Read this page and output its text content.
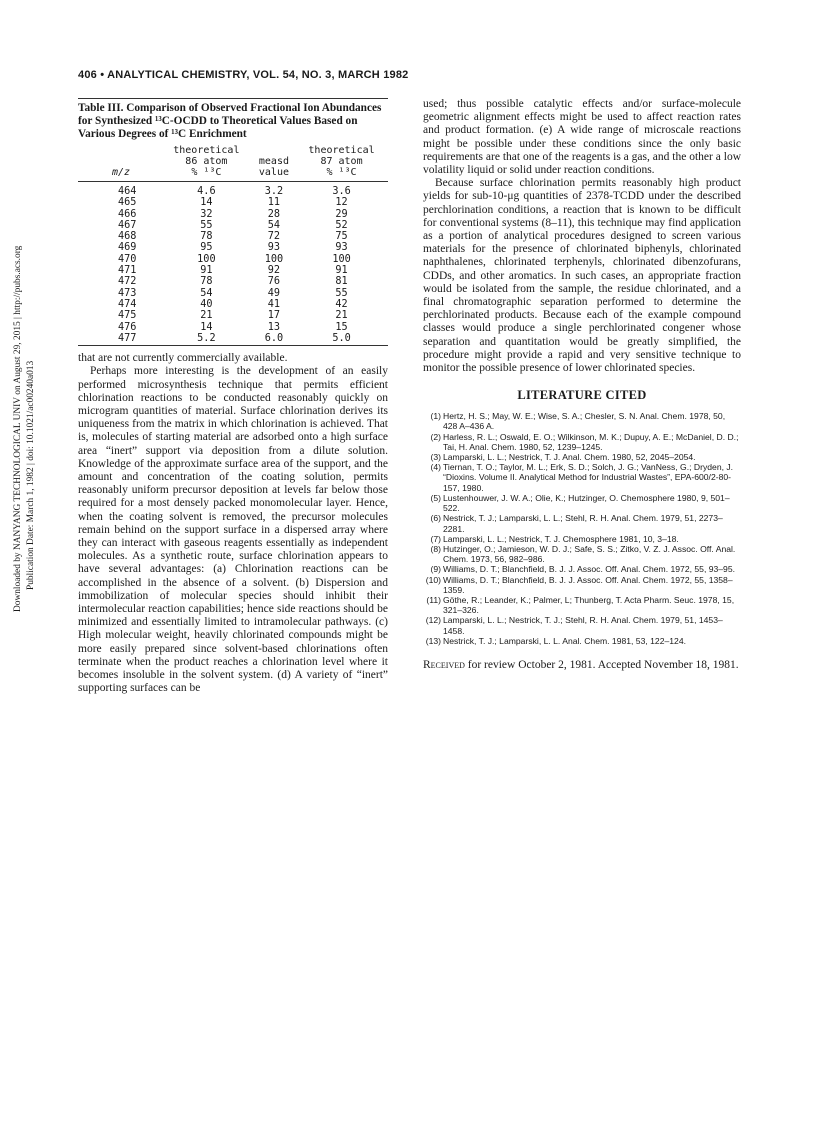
406 • ANALYTICAL CHEMISTRY, VOL. 54, NO. 3, MARCH 1982
Downloaded by NANYANG TECHNOLOGICAL UNIV on August 29, 2015 | http://pubs.acs.org Publication Date: March 1, 1982 | doi: 10.1021/ac00240a013
Table III. Comparison of Observed Fractional Ion Abundances for Synthesized ¹³C-OCDD to Theoretical Values Based on Various Degrees of ¹³C Enrichment
	theoretical		theoretical
	86 atom	measd	87 atom
m/z	% ¹³C	value	% ¹³C
464	4.6	3.2	3.6
465	14	11	12
466	32	28	29
467	55	54	52
468	78	72	75
469	95	93	93
470	100	100	100
471	91	92	91
472	78	76	81
473	54	49	55
474	40	41	42
475	21	17	21
476	14	13	15
477	5.2	6.0	5.0

that are not currently commercially available.

Perhaps more interesting is the development of an easily performed microsynthesis technique that permits efficient chlorination reactions to be conducted reasonably quickly on microgram quantities of material. Surface chlorination derives its uniqueness from the matrix in which chlorination is achieved. That is, molecules of starting material are adsorbed onto a high surface area “inert” support via deposition from a dilute solution. Knowledge of the approximate surface area of the support, and the amount and concentration of the coating solution, permits reasonably uniform precursor deposition at levels far below those required for a most densely packed monomolecular layer. Hence, when the coating solvent is removed, the precursor molecules remain behind on the support surface in a dispersed array where they can interact with gaseous reagents essentially as independent molecules. As a synthetic route, surface chlorination appears to have several advantages: (a) Chlorination reactions can be accomplished in the absence of a solvent. (b) Dispersion and immobilization of molecular species should inhibit their intermolecular reaction capabilities; hence side reactions should be minimized and essentially limited to intramolecular pathways. (c) High molecular weight, heavily chlorinated compounds might be more easily prepared since solvent-based chlorinations often terminate when the product reaches a chlorination level where it becomes insoluble in the solvent system. (d) A variety of “inert” supporting surfaces can be

used; thus possible catalytic effects and/or surface-molecule geometric alignment effects might be used to affect reaction rates and product formation. (e) A wide range of microscale reactions might be possible under these conditions since the only basic requirements are that one of the reagents is a gas, and the other a low volatility liquid or solid under reaction conditions.

Because surface chlorination permits reasonably high product yields for sub-10-μg quantities of 2378-TCDD under the described perchlorination conditions, a reaction that is known to be difficult for conventional systems (8–11), this technique may find application as a portion of analytical procedures designed to screen various materials for the presence of chlorinated biphenyls, chlorinated naphthalenes, chlorinated terphenyls, chlorinated dibenzofurans, CDDs, and other aromatics. In such cases, an appropriate fraction would be isolated from the sample, the residue chlorinated, and a final chromatographic separation performed to determine the perchlorinated products. Because each of the example compound classes would produce a single perchlorinated congener whose separation and quantitation would be greatly simplified, the procedure might provide a rapid and very sensitive technique to monitor the possible presence of lower chlorinated species.

LITERATURE CITED
(1) Hertz, H. S.; May, W. E.; Wise, S. A.; Chesler, S. N. Anal. Chem. 1978, 50, 428 A–436 A.
(2) Harless, R. L.; Oswald, E. O.; Wilkinson, M. K.; Dupuy, A. E.; McDaniel, D. D.; Tai, H. Anal. Chem. 1980, 52, 1239–1245.
(3) Lamparski, L. L.; Nestrick, T. J. Anal. Chem. 1980, 52, 2045–2054.
(4) Tiernan, T. O.; Taylor, M. L.; Erk, S. D.; Solch, J. G.; VanNess, G.; Dryden, J. “Dioxins. Volume II. Analytical Method for Industrial Wastes”, EPA-600/2-80-157, 1980.
(5) Lustenhouwer, J. W. A.; Olie, K.; Hutzinger, O. Chemosphere 1980, 9, 501–522.
(6) Nestrick, T. J.; Lamparski, L. L.; Stehl, R. H. Anal. Chem. 1979, 51, 2273–2281.
(7) Lamparski, L. L.; Nestrick, T. J. Chemosphere 1981, 10, 3–18.
(8) Hutzinger, O.; Jamieson, W. D. J.; Safe, S. S.; Zitko, V. Z. J. Assoc. Off. Anal. Chem. 1973, 56, 982–986.
(9) Williams, D. T.; Blanchfield, B. J. J. Assoc. Off. Anal. Chem. 1972, 55, 93–95.
(10) Williams, D. T.; Blanchfield, B. J. J. Assoc. Off. Anal. Chem. 1972, 55, 1358–1359.
(11) Göthe, R.; Leander, K.; Palmer, L; Thunberg, T. Acta Pharm. Seuc. 1978, 15, 321–326.
(12) Lamparski, L. L.; Nestrick, T. J.; Stehl, R. H. Anal. Chem. 1979, 51, 1453–1458.
(13) Nestrick, T. J.; Lamparski, L. L. Anal. Chem. 1981, 53, 122–124.
Received for review October 2, 1981. Accepted November 18, 1981.
